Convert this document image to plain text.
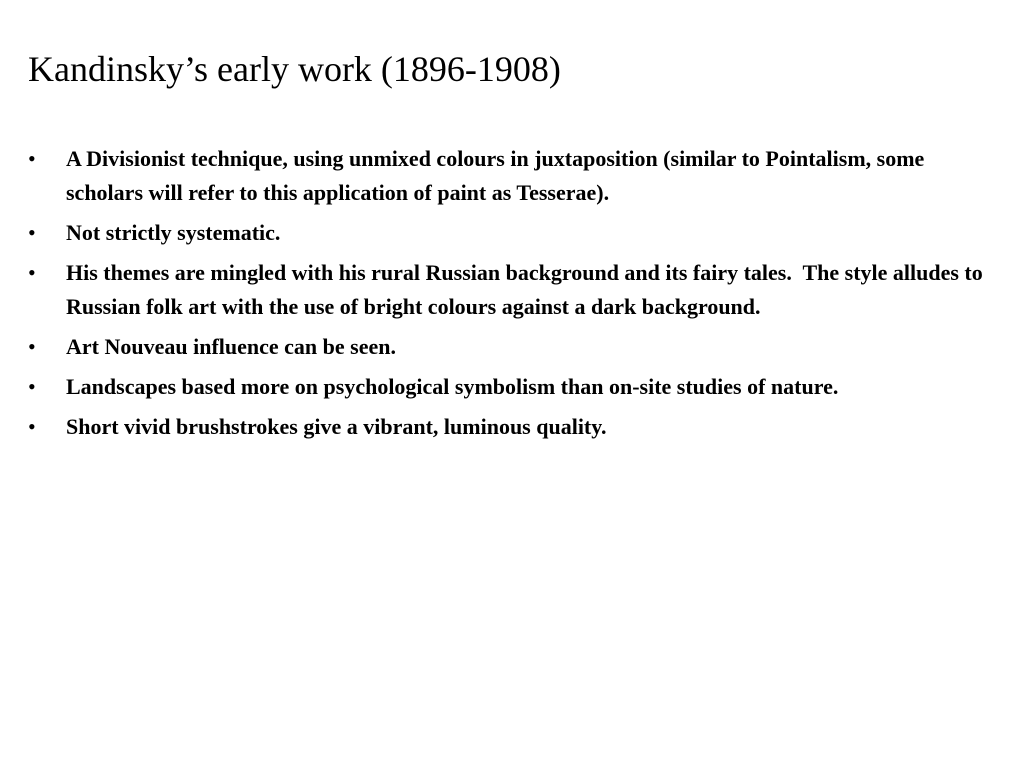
Kandinsky’s early work (1896-1908)
• A Divisionist technique, using unmixed colours in juxtaposition (similar to Pointalism, some scholars will refer to this application of paint as Tesserae).
• Not strictly systematic.
• His themes are mingled with his rural Russian background and its fairy tales.  The style alludes to Russian folk art with the use of bright colours against a dark background.
• Art Nouveau influence can be seen.
• Landscapes based more on psychological symbolism than on-site studies of nature.
• Short vivid brushstrokes give a vibrant, luminous quality.
